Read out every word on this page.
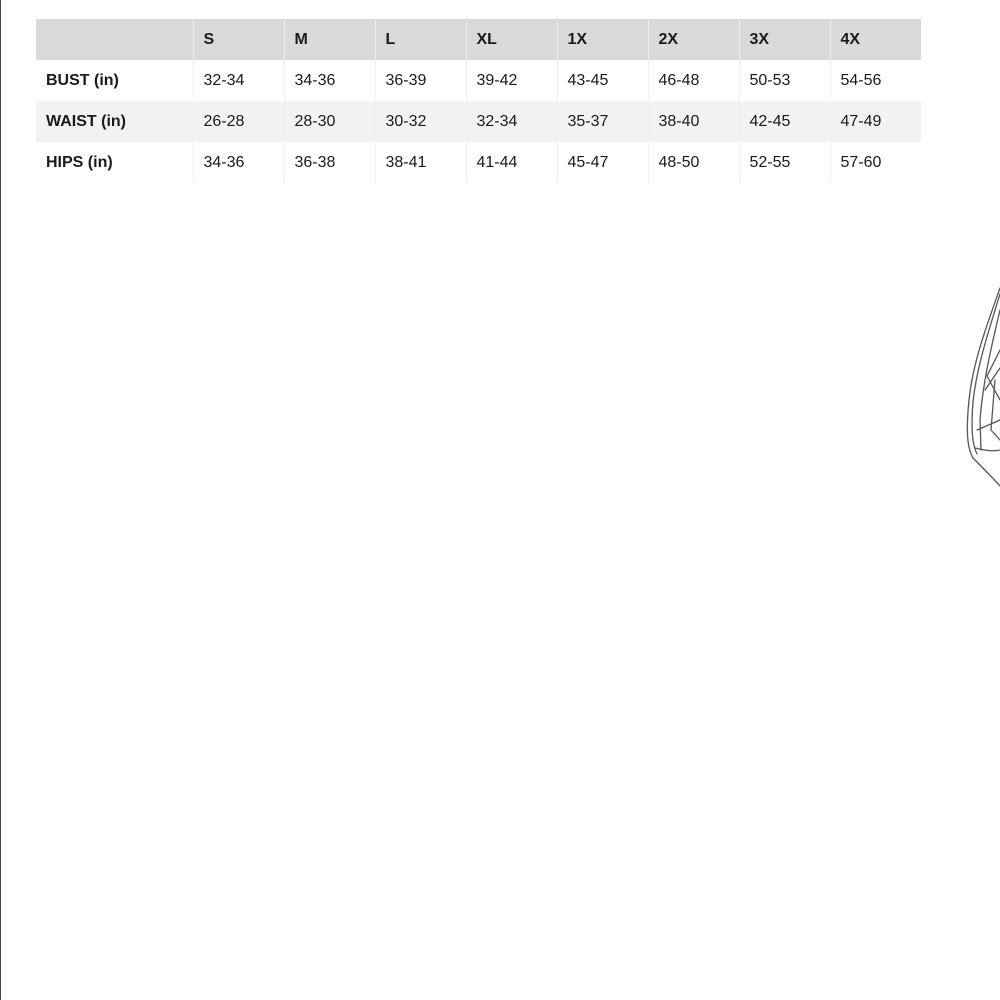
	S	M	L	XL	1X	2X	3X	4X
BUST (in)	32-34	34-36	36-39	39-42	43-45	46-48	50-53	54-56
WAIST (in)	26-28	28-30	30-32	32-34	35-37	38-40	42-45	47-49
HIPS (in)	34-36	36-38	38-41	41-44	45-47	48-50	52-55	57-60
